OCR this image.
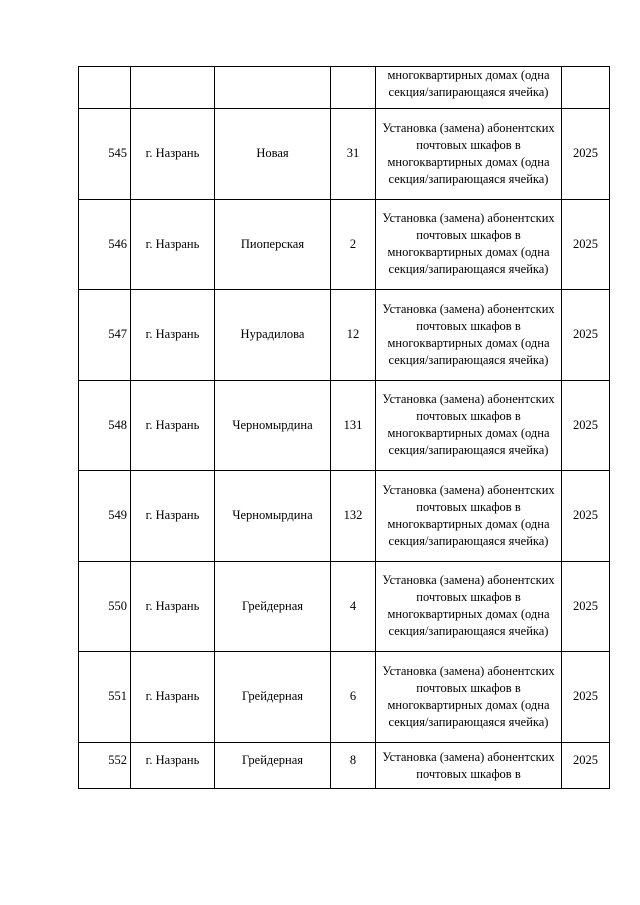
				многоквартирных домах (одна секция/запирающаяся ячейка)	
545	г. Назрань	Новая	31	Установка (замена) абонентских почтовых шкафов в многоквартирных домах (одна секция/запирающаяся ячейка)	2025
546	г. Назрань	Пиоперская	2	Установка (замена) абонентских почтовых шкафов в многоквартирных домах (одна секция/запирающаяся ячейка)	2025
547	г. Назрань	Нурадилова	12	Установка (замена) абонентских почтовых шкафов в многоквартирных домах (одна секция/запирающаяся ячейка)	2025
548	г. Назрань	Черномырдина	131	Установка (замена) абонентских почтовых шкафов в многоквартирных домах (одна секция/запирающаяся ячейка)	2025
549	г. Назрань	Черномырдина	132	Установка (замена) абонентских почтовых шкафов в многоквартирных домах (одна секция/запирающаяся ячейка)	2025
550	г. Назрань	Грейдерная	4	Установка (замена) абонентских почтовых шкафов в многоквартирных домах (одна секция/запирающаяся ячейка)	2025
551	г. Назрань	Грейдерная	6	Установка (замена) абонентских почтовых шкафов в многоквартирных домах (одна секция/запирающаяся ячейка)	2025
552	г. Назрань	Грейдерная	8	Установка (замена) абонентских почтовых шкафов в	2025
